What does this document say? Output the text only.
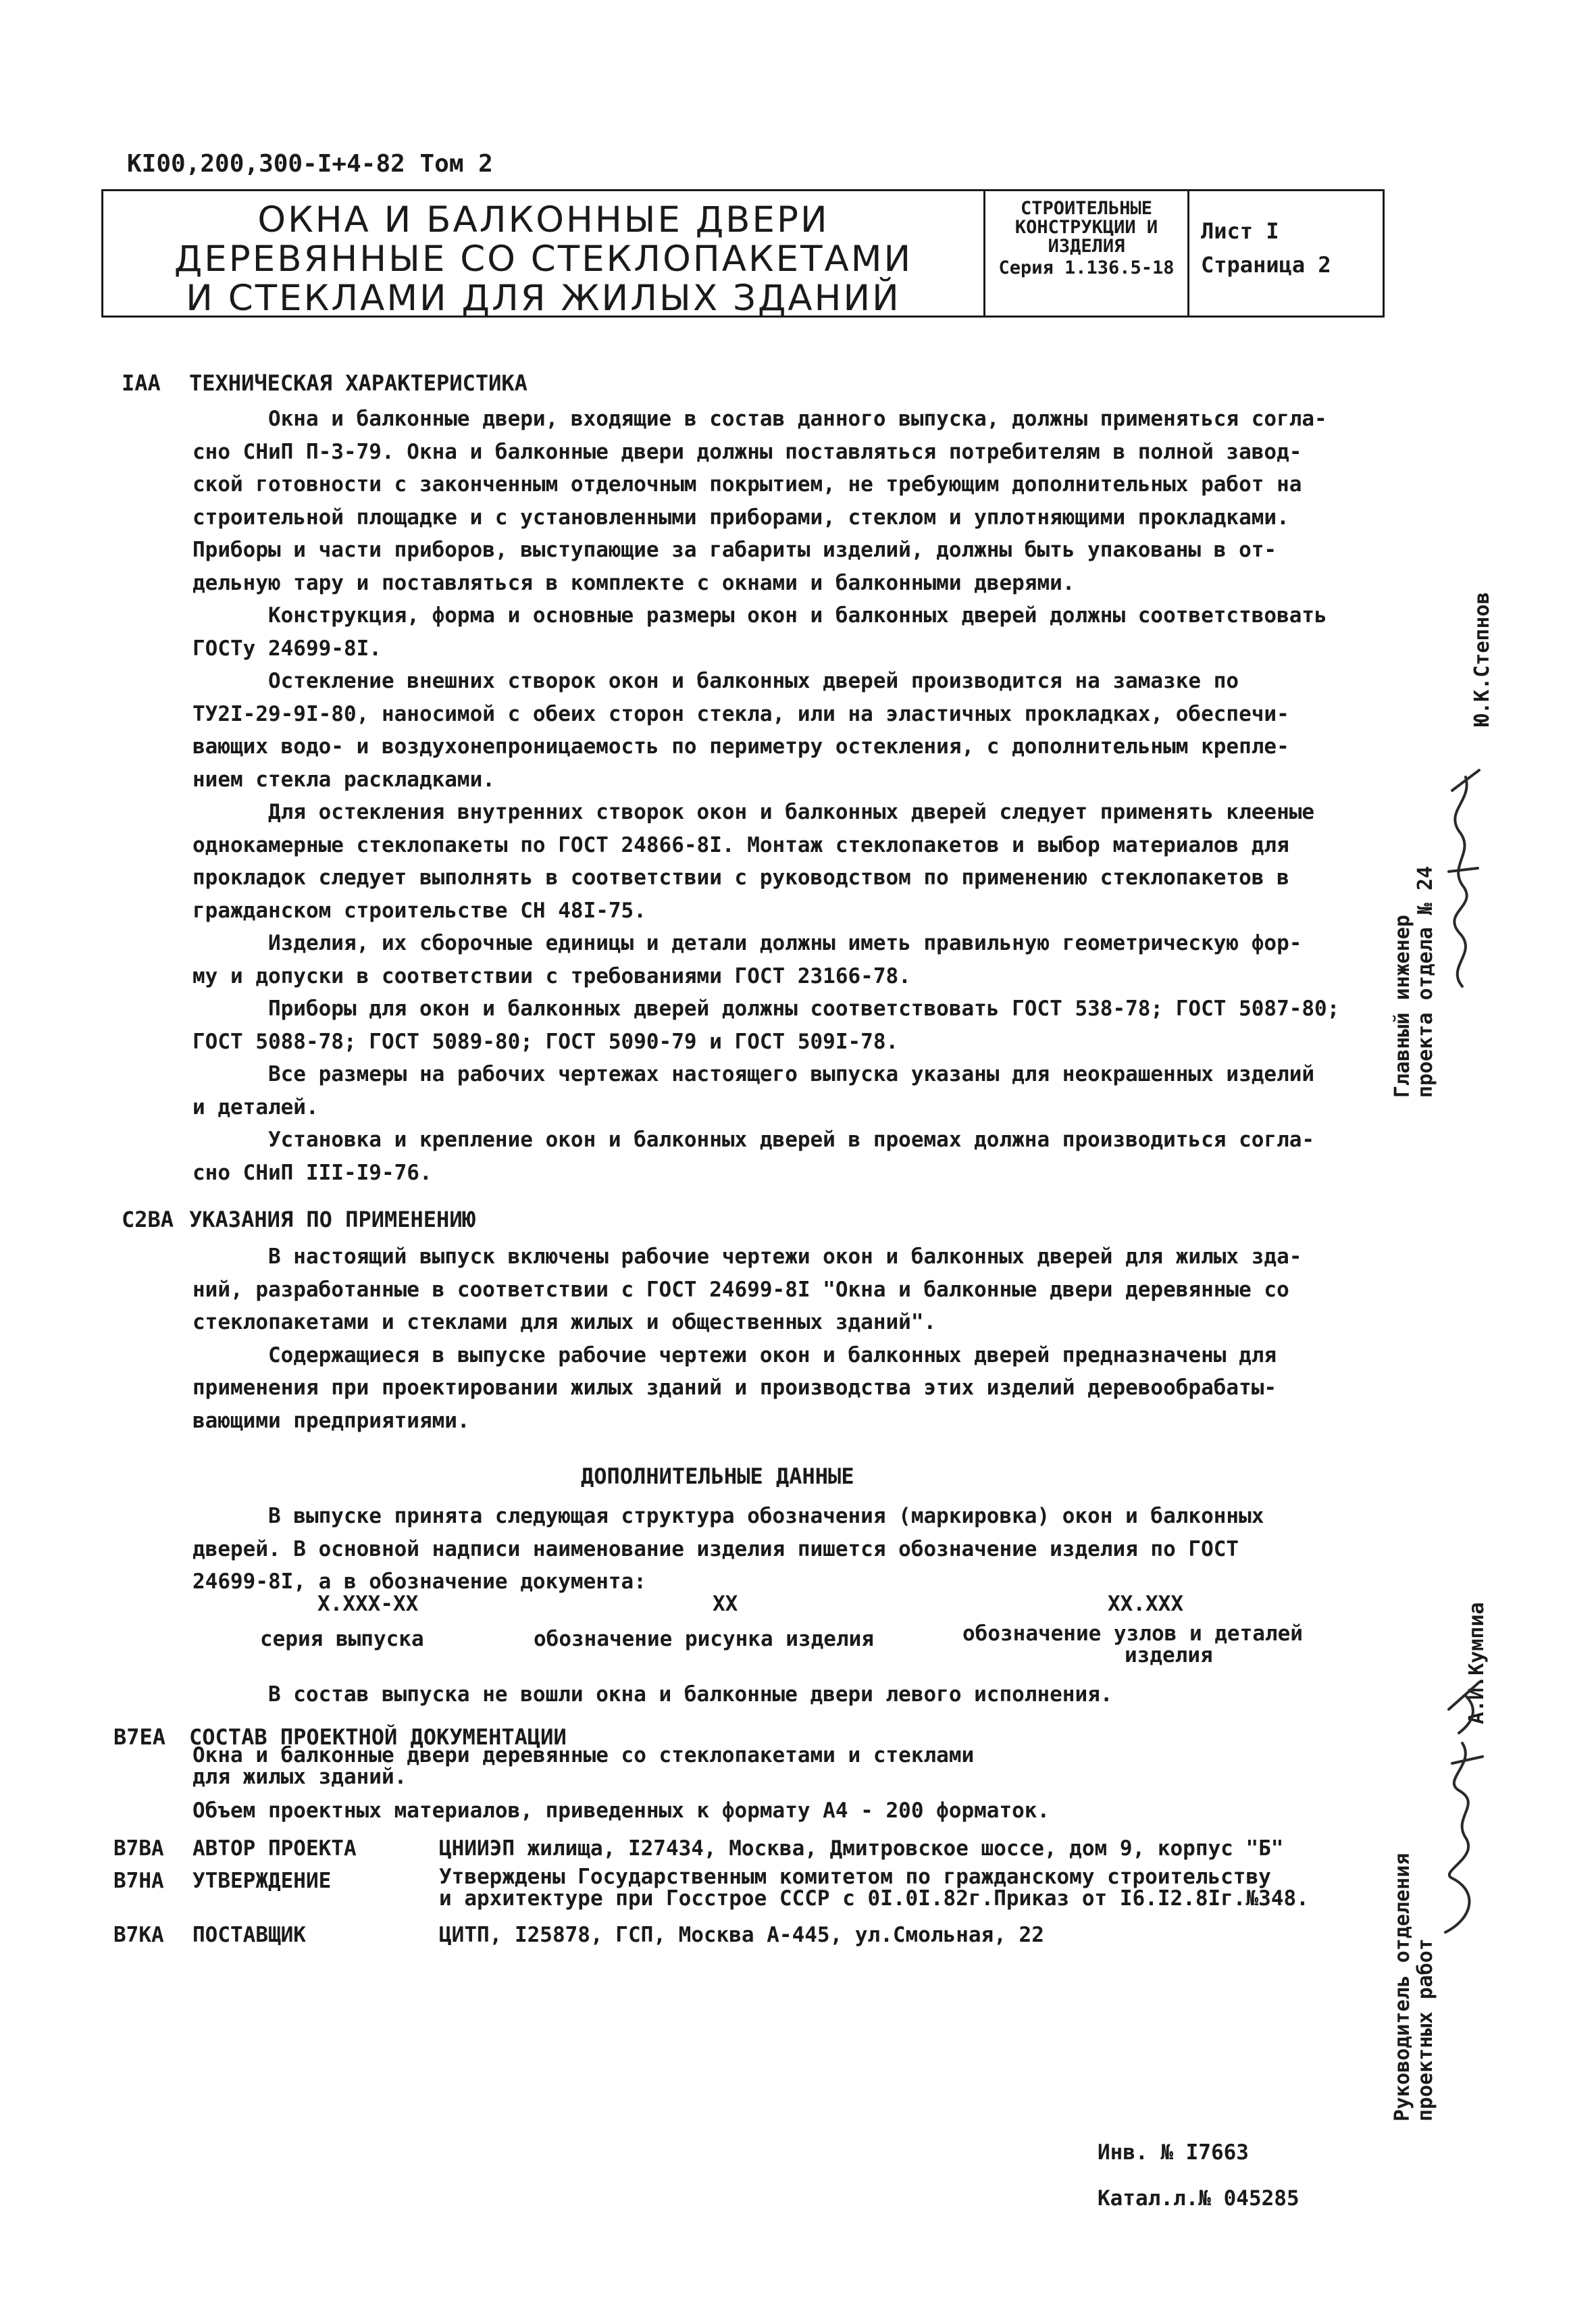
КI00,200,300-I+4-82 Том 2
ОКНА И БАЛКОННЫЕ ДВЕРИ
ДЕРЕВЯННЫЕ СО СТЕКЛОПАКЕТАМИ
И СТЕКЛАМИ ДЛЯ ЖИЛЫХ ЗДАНИЙ
СТРОИТЕЛЬНЫЕ
КОНСТРУКЦИИ И
ИЗДЕЛИЯ
Серия 1.136.5-18
Лист I
Страница 2
IАА ТЕХНИЧЕСКАЯ ХАРАКТЕРИСТИКА
Окна и балконные двери, входящие в состав данного выпуска, должны применяться согла-
сно СНиП П-3-79. Окна и балконные двери должны поставляться потребителям в полной завод-
ской готовности с законченным отделочным покрытием, не требующим дополнительных работ на
строительной площадке и с установленными приборами, стеклом и уплотняющими прокладками.
Приборы и части приборов, выступающие за габариты изделий, должны быть упакованы в от-
дельную тару и поставляться в комплекте с окнами и балконными дверями.
Конструкция, форма и основные размеры окон и балконных дверей должны соответствовать
ГОСТу 24699-8I.
Остекление внешних створок окон и балконных дверей производится на замазке по
ТУ2I-29-9I-80, наносимой с обеих сторон стекла, или на эластичных прокладках, обеспечи-
вающих водо- и воздухонепроницаемость по периметру остекления, с дополнительным крепле-
нием стекла раскладками.
Для остекления внутренних створок окон и балконных дверей следует применять клееные
однокамерные стеклопакеты по ГОСТ 24866-8I. Монтаж стеклопакетов и выбор материалов для
прокладок следует выполнять в соответствии с руководством по применению стеклопакетов в
гражданском строительстве СН 48I-75.
Изделия, их сборочные единицы и детали должны иметь правильную геометрическую фор-
му и допуски в соответствии с требованиями ГОСТ 23166-78.
Приборы для окон и балконных дверей должны соответствовать ГОСТ 538-78; ГОСТ 5087-80;
ГОСТ 5088-78; ГОСТ 5089-80; ГОСТ 5090-79 и ГОСТ 509I-78.
Все размеры на рабочих чертежах настоящего выпуска указаны для неокрашенных изделий
и деталей.
Установка и крепление окон и балконных дверей в проемах должна производиться согла-
сно СНиП III-I9-76.
С2ВА УКАЗАНИЯ ПО ПРИМЕНЕНИЮ
В настоящий выпуск включены рабочие чертежи окон и балконных дверей для жилых зда-
ний, разработанные в соответствии с ГОСТ 24699-8I "Окна и балконные двери деревянные со
стеклопакетами и стеклами для жилых и общественных зданий".
Содержащиеся в выпуске рабочие чертежи окон и балконных дверей предназначены для
применения при проектировании жилых зданий и производства этих изделий деревообрабаты-
вающими предприятиями.
ДОПОЛНИТЕЛЬНЫЕ ДАННЫЕ
В выпуске принята следующая структура обозначения (маркировка) окон и балконных
дверей. В основной надписи наименование изделия пишется обозначение изделия по ГОСТ
24699-8I, а в обозначение документа:
Х.ХХХ-ХХ	ХХ	ХХ.ХХХ
серия выпуска	обозначение рисунка изделия	обозначение узлов и деталей
изделия
В состав выпуска не вошли окна и балконные двери левого исполнения.
В7ЕА СОСТАВ ПРОЕКТНОЙ ДОКУМЕНТАЦИИ
Окна и балконные двери деревянные со стеклопакетами и стеклами
для жилых зданий.
Объем проектных материалов, приведенных к формату А4 - 200 форматок.
В7ВА АВТОР ПРОЕКТА	ЦНИИЭП жилища, I27434, Москва, Дмитровское шоссе, дом 9, корпус "Б"
В7НА УТВЕРЖДЕНИЕ	Утверждены Государственным комитетом по гражданскому строительству
и архитектуре при Госстрое СССР с 0I.0I.82г.Приказ от I6.I2.8Iг.№348.
В7КА ПОСТАВЩИК	ЦИТП, I25878, ГСП, Москва А-445, ул.Смольная, 22
Инв. № I7663
Катал.л.№ 045285
Главный инженер
проекта отдела № 24
Ю.К.Степнов
Руководитель отделения
проектных работ
А.И.Кумпиа
